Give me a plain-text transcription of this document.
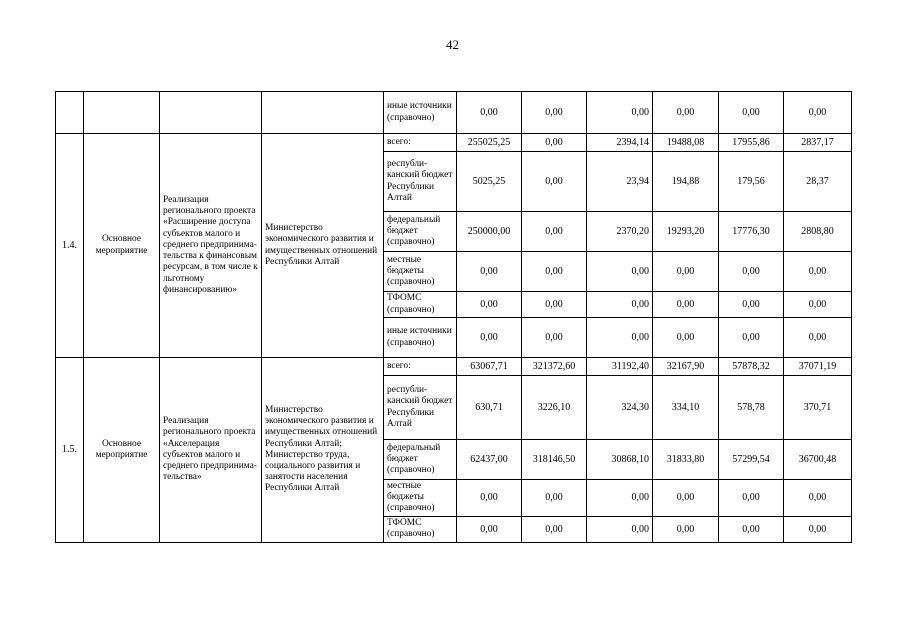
42
				иные источники (справочно)	0,00	0,00	0,00	0,00	0,00	0,00
1.4.	Основное мероприятие	Реализация регионального проекта «Расширение доступа субъектов малого и среднего предпринима-тельства к финансовым ресурсам, в том числе к льготному финансированию»	Министерство экономического развития и имущественных отношений Республики Алтай	всего:	255025,25	0,00	2394,14	19488,08	17955,86	2837,17
				республи-канский бюджет Республики Алтай	5025,25	0,00	23,94	194,88	179,56	28,37
				федеральный бюджет (справочно)	250000,00	0,00	2370,20	19293,20	17776,30	2808,80
				местные бюджеты (справочно)	0,00	0,00	0,00	0,00	0,00	0,00
				ТФОМС (справочно)	0,00	0,00	0,00	0,00	0,00	0,00
				иные источники (справочно)	0,00	0,00	0,00	0,00	0,00	0,00
1.5.	Основное мероприятие	Реализация регионального проекта «Акселерация субъектов малого и среднего предпринима-тельства»	Министерство экономического развития и имущественных отношений Республики Алтай; Министерство труда, социального развития и занятости населения Республики Алтай	всего:	63067,71	321372,60	31192,40	32167,90	57878,32	37071,19
				республи-канский бюджет Республики Алтай	630,71	3226,10	324,30	334,10	578,78	370,71
				федеральный бюджет (справочно)	62437,00	318146,50	30868,10	31833,80	57299,54	36700,48
				местные бюджеты (справочно)	0,00	0,00	0,00	0,00	0,00	0,00
				ТФОМС (справочно)	0,00	0,00	0,00	0,00	0,00	0,00
